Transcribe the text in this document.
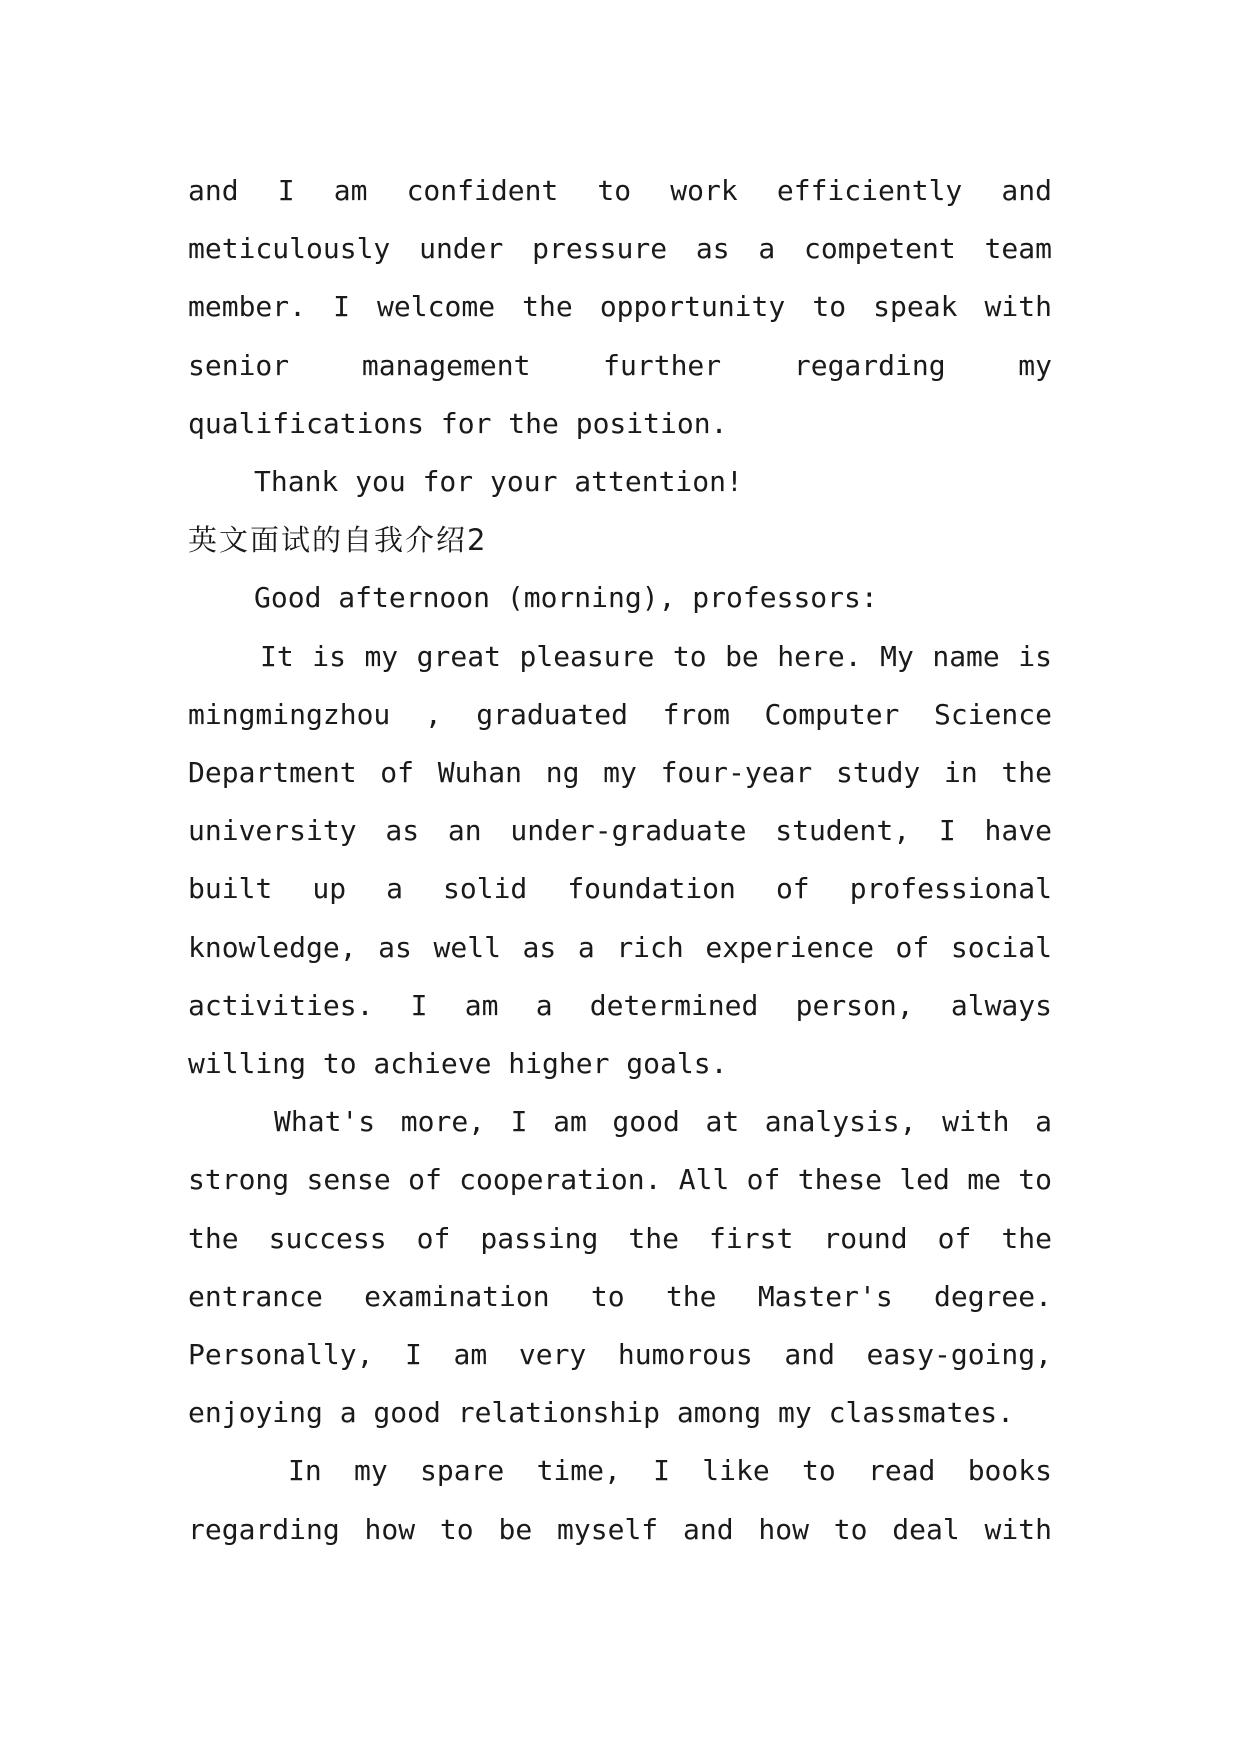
and I am confident to work efficiently and meticulously under pressure as a competent team member. I welcome the opportunity to speak with senior management further regarding my qualifications for the position.

Thank you for your attention!

英文面试的自我介绍2

Good afternoon (morning), professors:

It is my great pleasure to be here. My name is mingmingzhou , graduated from Computer Science Department of Wuhan ng my four-year study in the university as an under-graduate student, I have built up a solid foundation of professional knowledge, as well as a rich experience of social activities. I am a determined person, always willing to achieve higher goals.

What's more, I am good at analysis, with a strong sense of cooperation. All of these led me to the success of passing the first round of the entrance examination to the Master's degree. Personally, I am very humorous and easy-going, enjoying a good relationship among my classmates.

In my spare time, I like to read books regarding how to be myself and how to deal with
